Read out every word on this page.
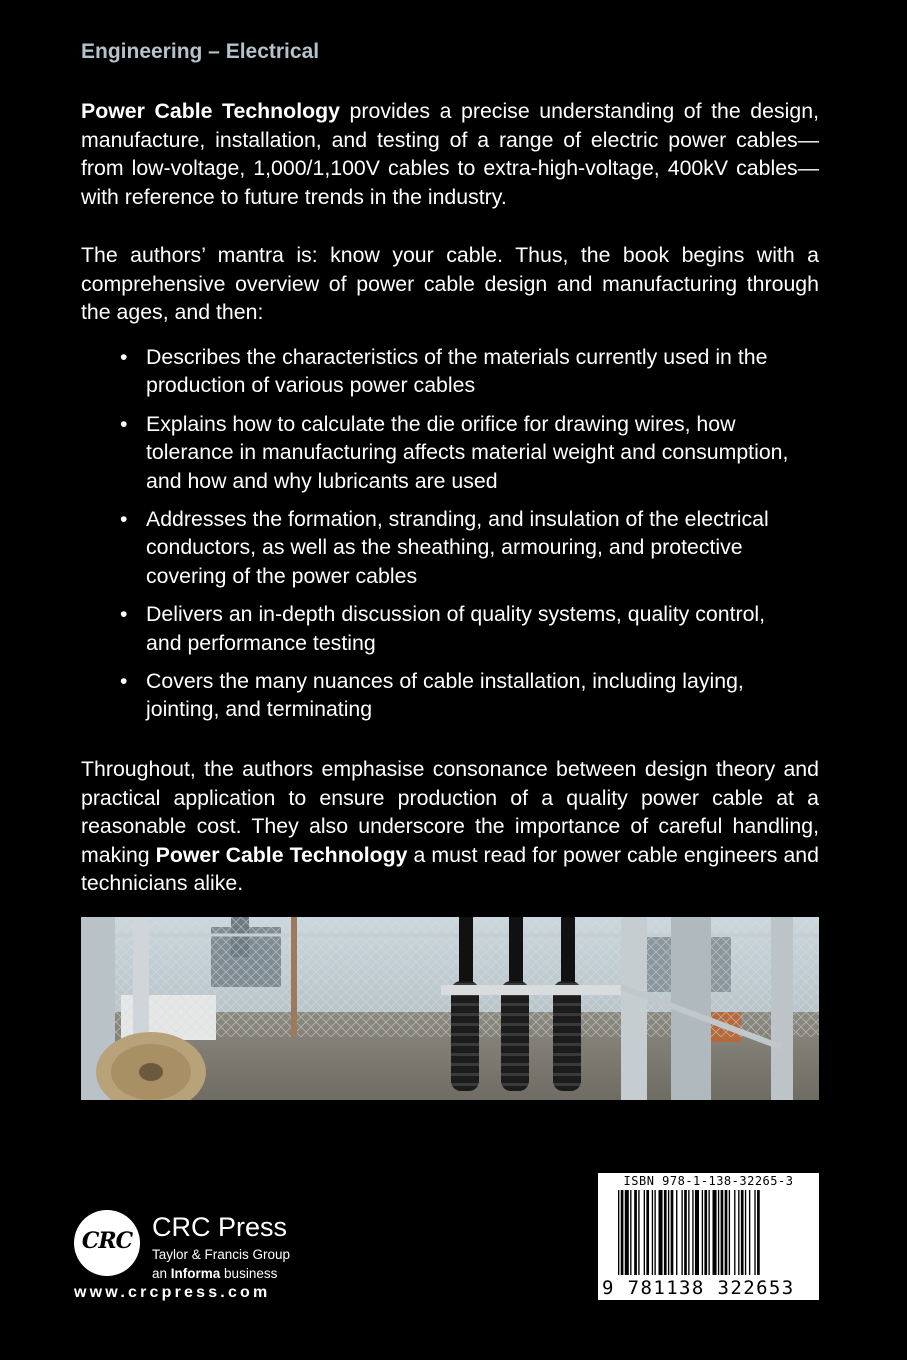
Engineering – Electrical

Power Cable Technology provides a precise understanding of the design, manufacture, installation, and testing of a range of electric power cables—from low-voltage, 1,000/1,100V cables to extra-high-voltage, 400kV cables—with reference to future trends in the industry.

The authors’ mantra is: know your cable. Thus, the book begins with a comprehensive overview of power cable design and manufacturing through the ages, and then:

• Describes the characteristics of the materials currently used in the production of various power cables
• Explains how to calculate the die orifice for drawing wires, how tolerance in manufacturing affects material weight and consumption, and how and why lubricants are used
• Addresses the formation, stranding, and insulation of the electrical conductors, as well as the sheathing, armouring, and protective covering of the power cables
• Delivers an in-depth discussion of quality systems, quality control, and performance testing
• Covers the many nuances of cable installation, including laying, jointing, and terminating

Throughout, the authors emphasise consonance between design theory and practical application to ensure production of a quality power cable at a reasonable cost. They also underscore the importance of careful handling, making Power Cable Technology a must read for power cable engineers and technicians alike.

CRC CRC Press
Taylor & Francis Group
an Informa business
www.crcpress.com
ISBN 978-1-138-32265-3
9 781138 322653
